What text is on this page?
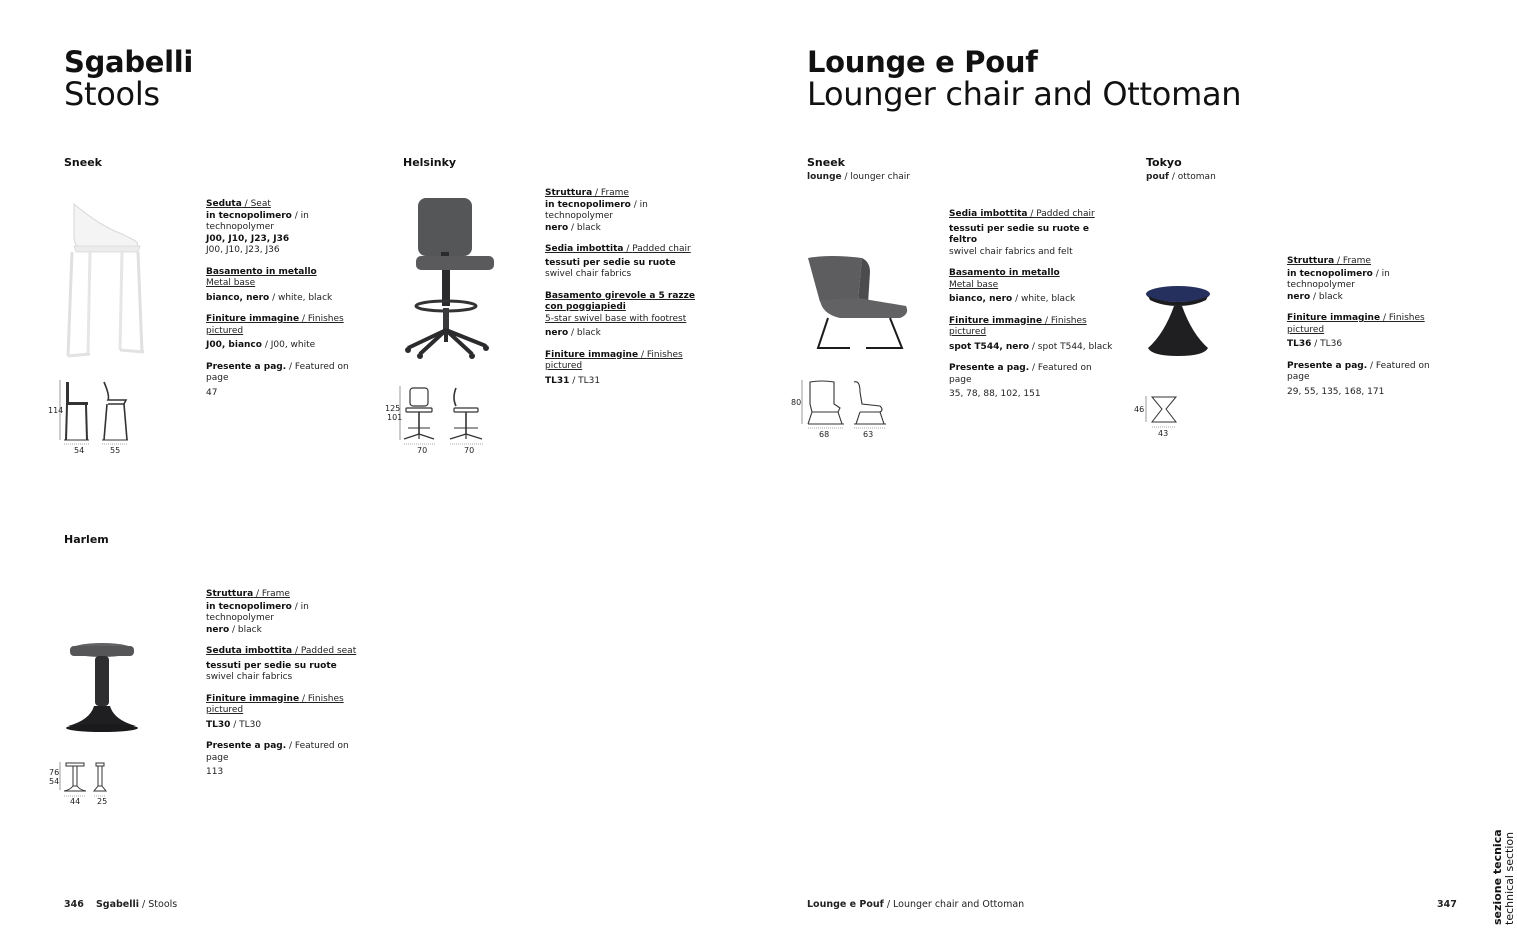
Sgabelli
Stools
Sneek
Seduta / Seat
in tecnopolimero / in technopolymer
J00, J10, J23, J36
J00, J10, J23, J36
Basamento in metallo
Metal base
bianco, nero / white, black
Finiture immagine / Finishes pictured
J00, bianco / J00, white
Presente a pag. / Featured on page
47
114
54	55
Helsinky
Struttura / Frame
in tecnopolimero / in technopolymer
nero / black
Sedia imbottita / Padded chair
tessuti per sedie su ruote
swivel chair fabrics
Basamento girevole a 5 razze con poggiapiedi
5-star swivel base with footrest
nero / black
Finiture immagine / Finishes pictured
TL31 / TL31
125
101
70	70
Harlem
Struttura / Frame
in tecnopolimero / in technopolymer
nero / black
Seduta imbottita / Padded seat
tessuti per sedie su ruote
swivel chair fabrics
Finiture immagine / Finishes pictured
TL30 / TL30
Presente a pag. / Featured on page
113
76
54
44 25
346 Sgabelli / Stools
Lounge e Pouf
Lounger chair and Ottoman
Sneek
lounge / lounger chair
Sedia imbottita / Padded chair
tessuti per sedie su ruote e feltro
swivel chair fabrics and felt
Basamento in metallo
Metal base
bianco, nero / white, black
Finiture immagine / Finishes pictured
spot T544, nero / spot T544, black
Presente a pag. / Featured on page
35, 78, 88, 102, 151
80
68	63
Tokyo
pouf / ottoman
Struttura / Frame
in tecnopolimero / in technopolymer
nero / black
Finiture immagine / Finishes pictured
TL36 / TL36
Presente a pag. / Featured on page
29, 55, 135, 168, 171
46
43
Lounge e Pouf / Lounger chair and Ottoman	347	sezione tecnica technical section
